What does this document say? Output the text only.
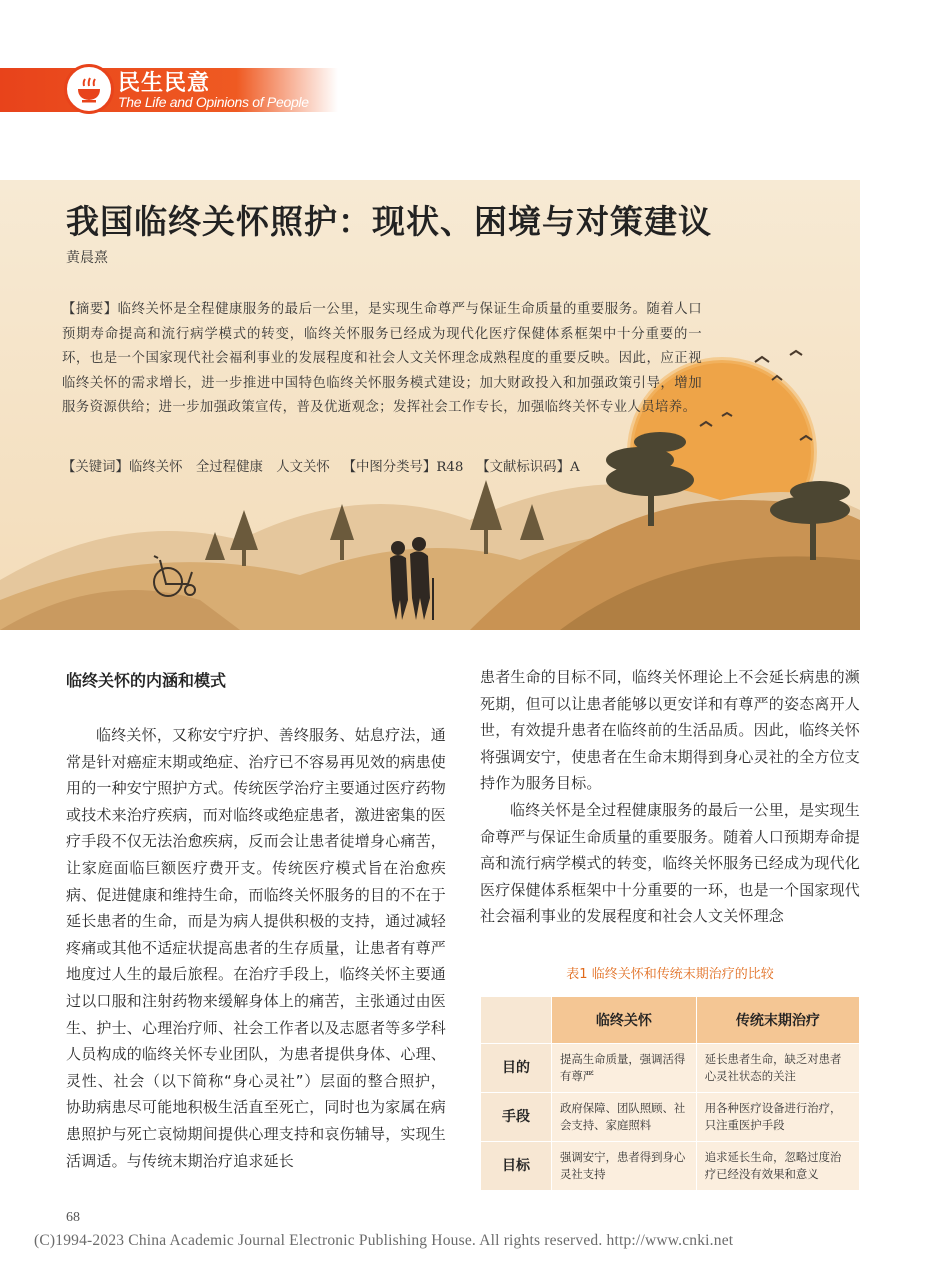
民生民意
The Life and Opinions of People
我国临终关怀照护：现状、困境与对策建议
黄晨熹
【摘要】临终关怀是全程健康服务的最后一公里，是实现生命尊严与保证生命质量的重要服务。随着人口预期寿命提高和流行病学模式的转变，临终关怀服务已经成为现代化医疗保健体系框架中十分重要的一环，也是一个国家现代社会福利事业的发展程度和社会人文关怀理念成熟程度的重要反映。因此，应正视临终关怀的需求增长，进一步推进中国特色临终关怀服务模式建设；加大财政投入和加强政策引导，增加服务资源供给；进一步加强政策宣传，普及优逝观念；发挥社会工作专长，加强临终关怀专业人员培养。
【关键词】临终关怀　全过程健康　人文关怀 【中图分类号】R48 【文献标识码】A
临终关怀的内涵和模式

临终关怀，又称安宁疗护、善终服务、姑息疗法，通常是针对癌症末期或绝症、治疗已不容易再见效的病患使用的一种安宁照护方式。传统医学治疗主要通过医疗药物或技术来治疗疾病，而对临终或绝症患者，激进密集的医疗手段不仅无法治愈疾病，反而会让患者徒增身心痛苦，让家庭面临巨额医疗费开支。传统医疗模式旨在治愈疾病、促进健康和维持生命，而临终关怀服务的目的不在于延长患者的生命，而是为病人提供积极的支持，通过减轻疼痛或其他不适症状提高患者的生存质量，让患者有尊严地度过人生的最后旅程。在治疗手段上，临终关怀主要通过以口服和注射药物来缓解身体上的痛苦，主张通过由医生、护士、心理治疗师、社会工作者以及志愿者等多学科人员构成的临终关怀专业团队，为患者提供身体、心理、灵性、社会（以下简称“身心灵社”）层面的整合照护，协助病患尽可能地积极生活直至死亡，同时也为家属在病患照护与死亡哀恸期间提供心理支持和哀伤辅导，实现生活调适。与传统末期治疗追求延长

患者生命的目标不同，临终关怀理论上不会延长病患的濒死期，但可以让患者能够以更安详和有尊严的姿态离开人世，有效提升患者在临终前的生活品质。因此，临终关怀将强调安宁，使患者在生命末期得到身心灵社的全方位支持作为服务目标。

临终关怀是全过程健康服务的最后一公里，是实现生命尊严与保证生命质量的重要服务。随着人口预期寿命提高和流行病学模式的转变，临终关怀服务已经成为现代化医疗保健体系框架中十分重要的一环，也是一个国家现代社会福利事业的发展程度和社会人文关怀理念

表1 临终关怀和传统末期治疗的比较
	临终关怀	传统末期治疗
目的	提高生命质量，强调活得有尊严	延长患者生命，缺乏对患者心灵社状态的关注
手段	政府保障、团队照顾、社会支持、家庭照料	用各种医疗设备进行治疗，只注重医护手段
目标	强调安宁，患者得到身心灵社支持	追求延长生命，忽略过度治疗已经没有效果和意义
68
(C)1994-2023 China Academic Journal Electronic Publishing House. All rights reserved. http://www.cnki.net
